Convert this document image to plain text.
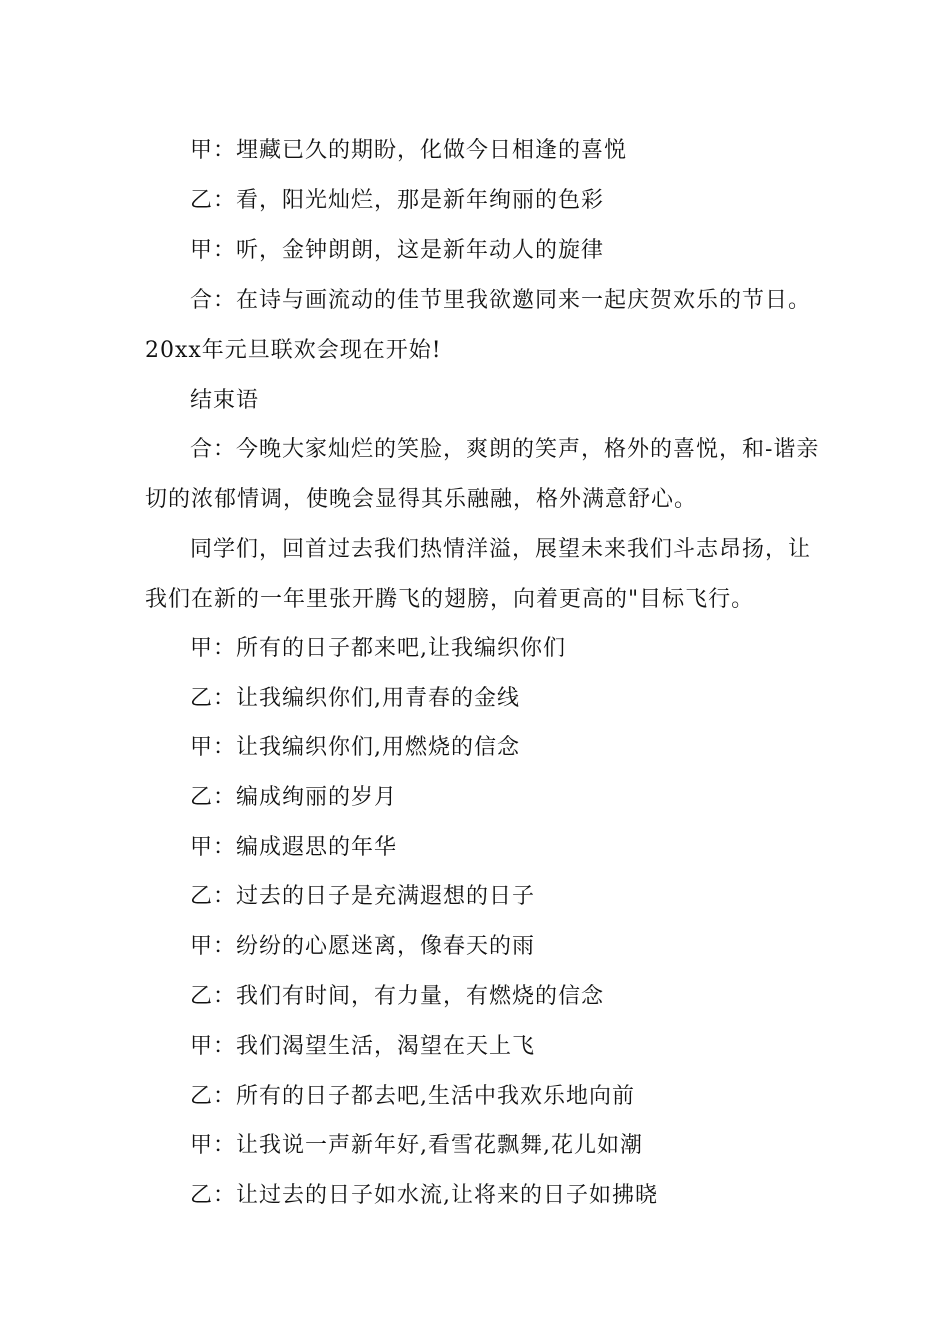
甲：埋藏已久的期盼，化做今日相逢的喜悦
乙：看，阳光灿烂，那是新年绚丽的色彩
甲：听，金钟朗朗，这是新年动人的旋律
合：在诗与画流动的佳节里我欲邀同来一起庆贺欢乐的节日。
20xx年元旦联欢会现在开始!
结束语
合：今晚大家灿烂的笑脸，爽朗的笑声，格外的喜悦，和-谐亲
切的浓郁情调，使晚会显得其乐融融，格外满意舒心。
同学们，回首过去我们热情洋溢，展望未来我们斗志昂扬，让
我们在新的一年里张开腾飞的翅膀，向着更高的"目标飞行。
甲：所有的日子都来吧,让我编织你们
乙：让我编织你们,用青春的金线
甲：让我编织你们,用燃烧的信念
乙：编成绚丽的岁月
甲：编成遐思的年华
乙：过去的日子是充满遐想的日子
甲：纷纷的心愿迷离，像春天的雨
乙：我们有时间，有力量，有燃烧的信念
甲：我们渴望生活，渴望在天上飞
乙：所有的日子都去吧,生活中我欢乐地向前
甲：让我说一声新年好,看雪花飘舞,花儿如潮
乙：让过去的日子如水流,让将来的日子如拂晓
